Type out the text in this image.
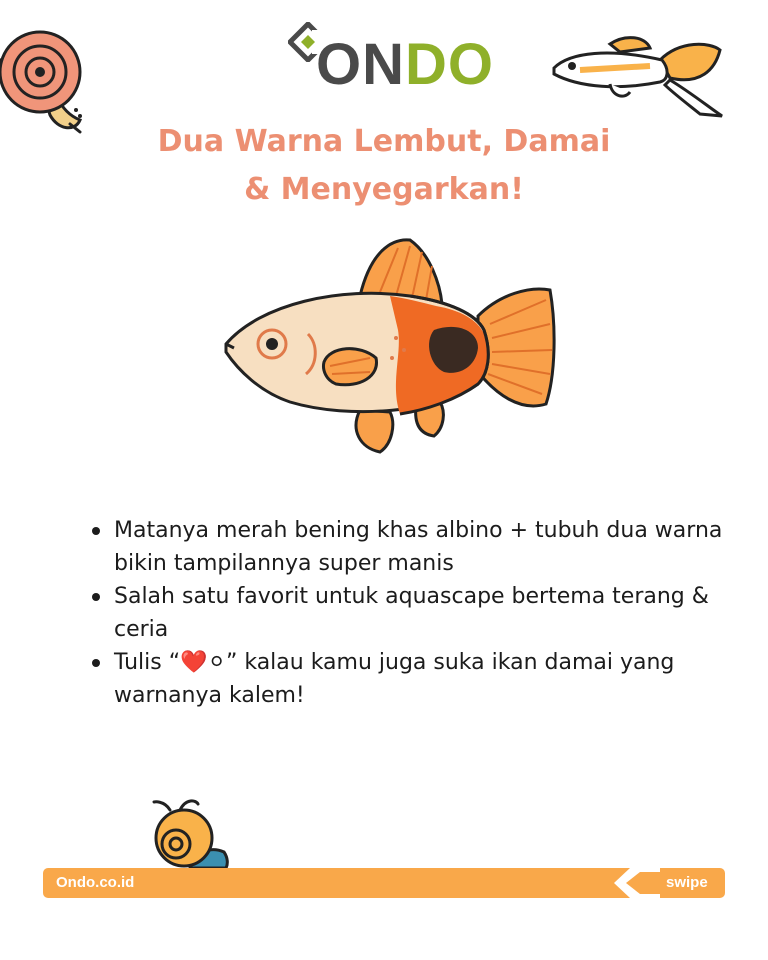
ONDO
Dua Warna Lembut, Damai
& Menyegarkan!
Matanya merah bening khas albino + tubuh dua warna bikin tampilannya super manis
Salah satu favorit untuk aquascape bertema terang & ceria
Tulis “❤️⚪” kalau kamu juga suka ikan damai yang warnanya kalem!
Ondo.co.id	swipe
